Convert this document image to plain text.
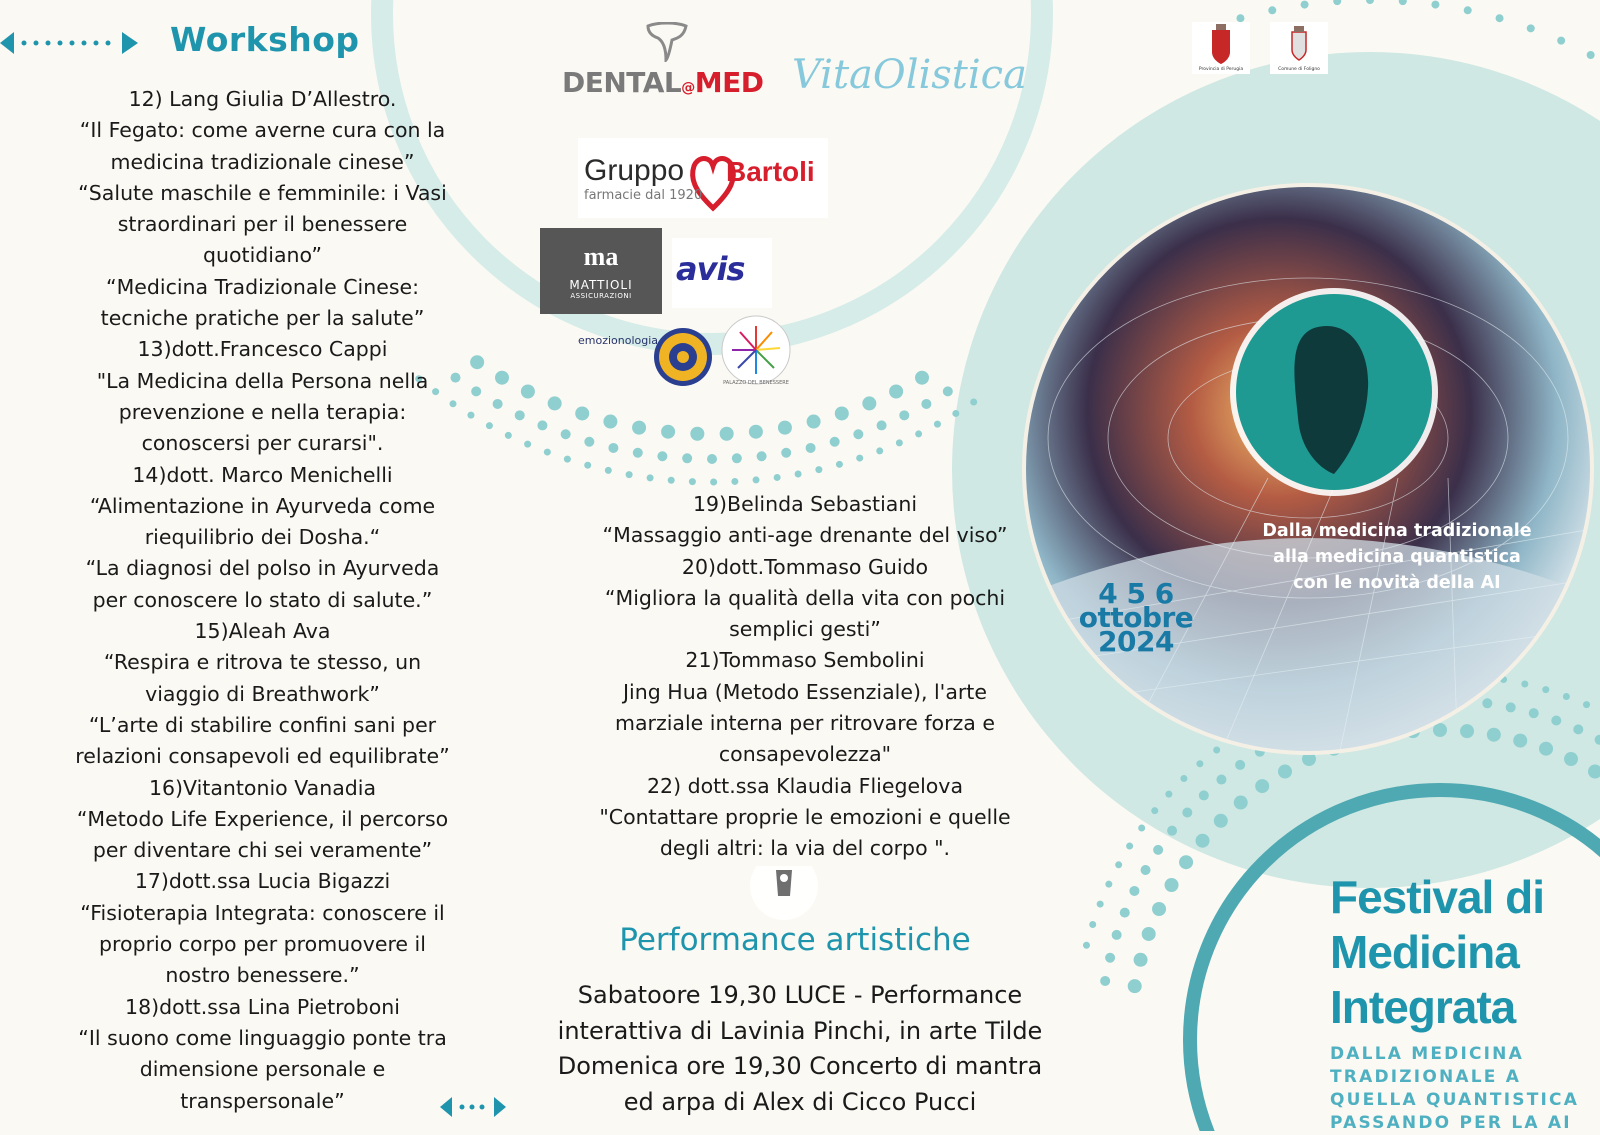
Workshop
12) Lang Giulia D’Allestro.
“Il Fegato: come averne cura con la
medicina tradizionale cinese”
“Salute maschile e femminile: i Vasi
straordinari per il benessere
quotidiano”
“Medicina Tradizionale Cinese:
tecniche pratiche per la salute”
13)dott.Francesco Cappi
"La Medicina della Persona nella
prevenzione e nella terapia:
conoscersi per curarsi".
14)dott. Marco Menichelli
“Alimentazione in Ayurveda come
riequilibrio dei Dosha.“
“La diagnosi del polso in Ayurveda
per conoscere lo stato di salute.”
15)Aleah Ava
“Respira e ritrova te stesso, un
viaggio di Breathwork”
“L’arte di stabilire confini sani per
relazioni consapevoli ed equilibrate”
16)Vitantonio Vanadia
“Metodo Life Experience, il percorso
per diventare chi sei veramente”
17)dott.ssa Lucia Bigazzi
“Fisioterapia Integrata: conoscere il
proprio corpo per promuovere il
nostro benessere.”
18)dott.ssa Lina Pietroboni
“Il suono come linguaggio ponte tra
dimensione personale e
transpersonale”
DENTAL@MED VitaOlistica
Gruppo Bartoli
farmacie dal 1920
ma
MATTIOLI
ASSICURAZIONI
avis
emozionologia
PALAZZO DEL BENESSERE
Provincia di Perugia	Comune di Foligno
Dalla medicina tradizionale
alla medicina quantistica
con le novità della AI
4 5 6
ottobre
2024
19)Belinda Sebastiani
“Massaggio anti-age drenante del viso”
20)dott.Tommaso Guido
“Migliora la qualità della vita con pochi
semplici gesti”
21)Tommaso Sembolini
Jing Hua (Metodo Essenziale), l'arte
marziale interna per ritrovare forza e
consapevolezza"
22) dott.ssa Klaudia Fliegelova
"Contattare proprie le emozioni e quelle
degli altri: la via del corpo ".
Performance artistiche
Sabatoore 19,30 LUCE - Performance
interattiva di Lavinia Pinchi, in arte Tilde
Domenica ore 19,30 Concerto di mantra
ed arpa di Alex di Cicco Pucci
Festival di
Medicina
Integrata
DALLA MEDICINA
TRADIZIONALE A
QUELLA QUANTISTICA
PASSANDO PER LA AI
